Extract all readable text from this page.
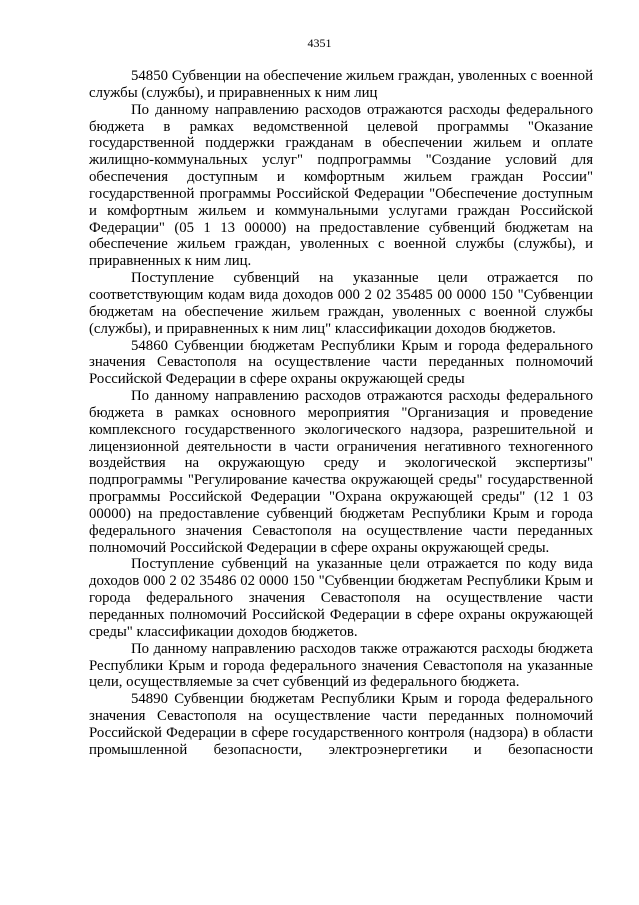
4351

54850 Субвенции на обеспечение жильем граждан, уволенных с военной службы (службы), и приравненных к ним лиц

По данному направлению расходов отражаются расходы федерального бюджета в рамках ведомственной целевой программы "Оказание государственной поддержки гражданам в обеспечении жильем и оплате жилищно-коммунальных услуг" подпрограммы "Создание условий для обеспечения доступным и комфортным жильем граждан России" государственной программы Российской Федерации "Обеспечение доступным и комфортным жильем и коммунальными услугами граждан Российской Федерации" (05 1 13 00000) на предоставление субвенций бюджетам на обеспечение жильем граждан, уволенных с военной службы (службы), и приравненных к ним лиц.

Поступление субвенций на указанные цели отражается по соответствующим кодам вида доходов 000 2 02 35485 00 0000 150 "Субвенции бюджетам на обеспечение жильем граждан, уволенных с военной службы (службы), и приравненных к ним лиц" классификации доходов бюджетов.

54860 Субвенции бюджетам Республики Крым и города федерального значения Севастополя на осуществление части переданных полномочий Российской Федерации в сфере охраны окружающей среды

По данному направлению расходов отражаются расходы федерального бюджета в рамках основного мероприятия "Организация и проведение комплексного государственного экологического надзора, разрешительной и лицензионной деятельности в части ограничения негативного техногенного воздействия на окружающую среду и экологической экспертизы" подпрограммы "Регулирование качества окружающей среды" государственной программы Российской Федерации "Охрана окружающей среды" (12 1 03 00000) на предоставление субвенций бюджетам Республики Крым и города федерального значения Севастополя на осуществление части переданных полномочий Российской Федерации в сфере охраны окружающей среды.

Поступление субвенций на указанные цели отражается по коду вида доходов 000 2 02 35486 02 0000 150 "Субвенции бюджетам Республики Крым и города федерального значения Севастополя на осуществление части переданных полномочий Российской Федерации в сфере охраны окружающей среды" классификации доходов бюджетов.

По данному направлению расходов также отражаются расходы бюджета Республики Крым и города федерального значения Севастополя на указанные цели, осуществляемые за счет субвенций из федерального бюджета.

54890 Субвенции бюджетам Республики Крым и города федерального значения Севастополя на осуществление части переданных полномочий Российской Федерации в сфере государственного контроля (надзора) в области промышленной безопасности, электроэнергетики и безопасности
